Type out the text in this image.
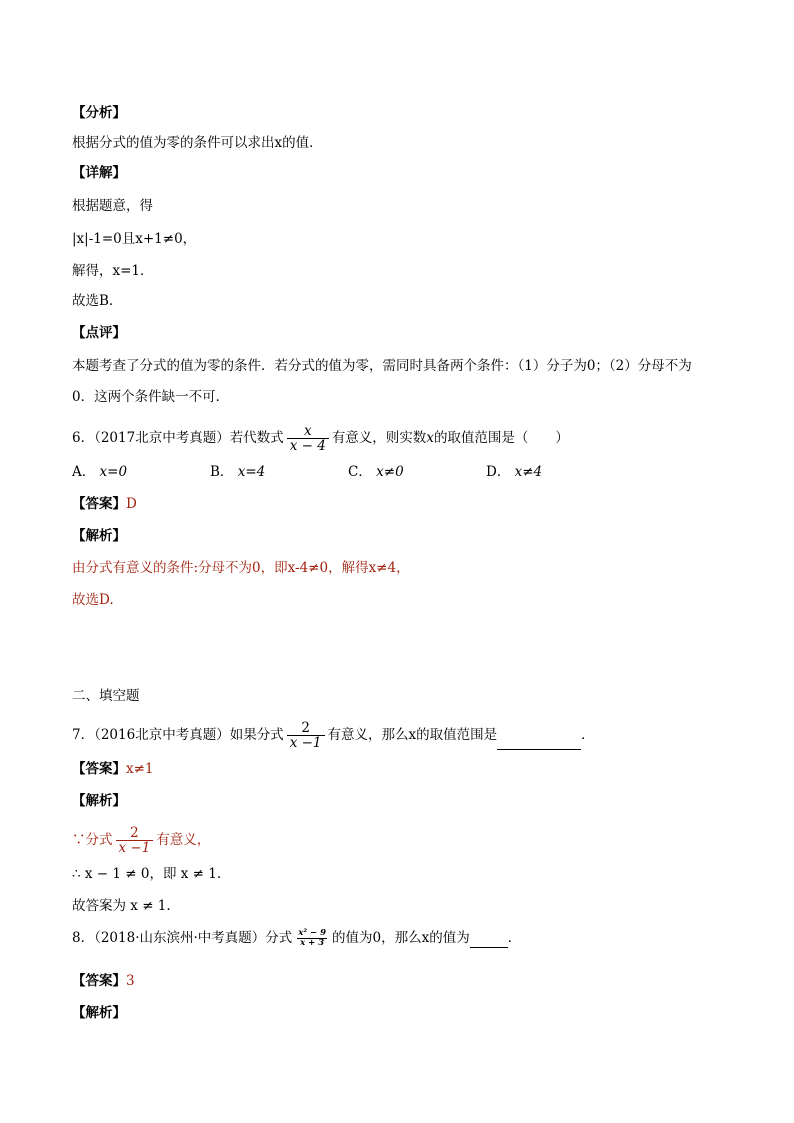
【分析】
根据分式的值为零的条件可以求出x的值．
【详解】
根据题意，得
|x|-1=0且x+1≠0，
解得，x=1．
故选B．
【点评】
本题考查了分式的值为零的条件．若分式的值为零，需同时具备两个条件：（1）分子为0；（2）分母不为
0．这两个条件缺一不可．
6．（2017北京中考真题）若代数式 $\frac{x}{x - 4}$ 有意义，则实数x的取值范围是（　　）
A． x=0	B． x=4	C． x≠0	D． x≠4
【答案】D
【解析】
由分式有意义的条件:分母不为0，即x-4≠0，解得x≠4，
故选D.
二、填空题
7．（2016北京中考真题）如果分式 $\frac{2}{x -1}$ 有意义，那么x的取值范围是	．
【答案】x≠1
【解析】
∵分式 $\frac{2}{x -1}$ 有意义，
∴ x − 1 ≠ 0，即 x ≠ 1.
故答案为 x ≠ 1.
8．（2018·山东滨州·中考真题）分式 $\frac{\text{x² − 9}}{x + 3}$ 的值为0，那么x的值为	．
【答案】3
【解析】
